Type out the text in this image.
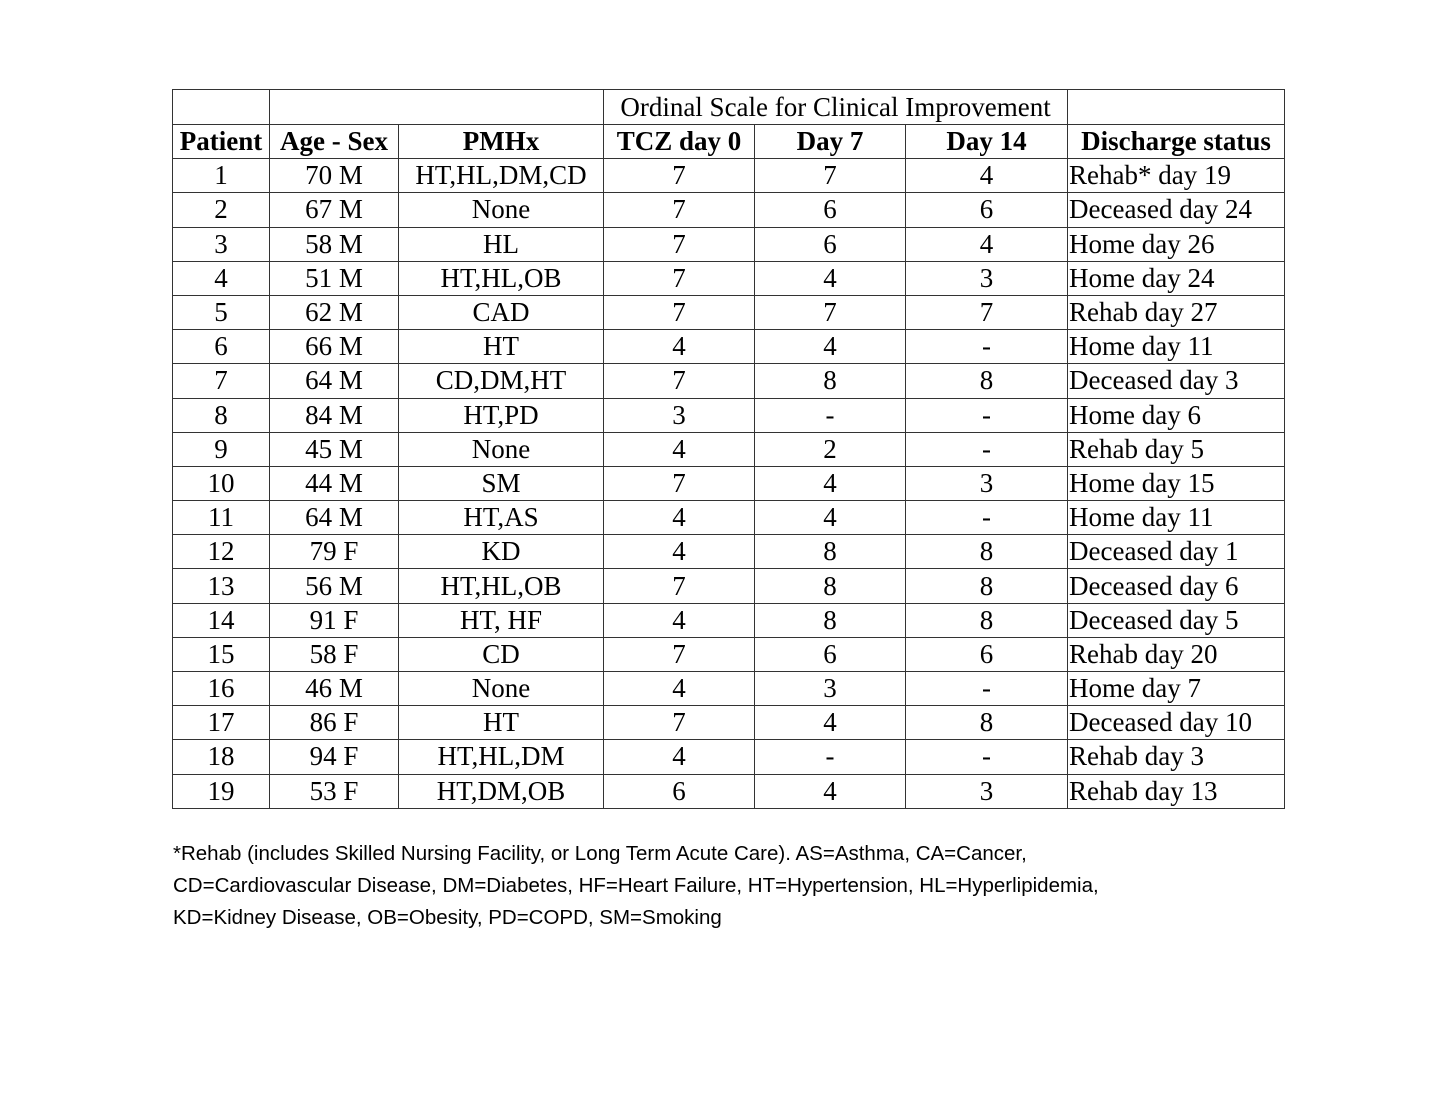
			Ordinal Scale for Clinical Improvement			
Patient	Age - Sex	PMHx	TCZ day 0	Day 7	Day 14	Discharge status
1	70 M	HT,HL,DM,CD	7	7	4	Rehab* day 19
2	67 M	None	7	6	6	Deceased day 24
3	58 M	HL	7	6	4	Home day 26
4	51 M	HT,HL,OB	7	4	3	Home day 24
5	62 M	CAD	7	7	7	Rehab day 27
6	66 M	HT	4	4	-	Home day 11
7	64 M	CD,DM,HT	7	8	8	Deceased day 3
8	84 M	HT,PD	3	-	-	Home day 6
9	45 M	None	4	2	-	Rehab day 5
10	44 M	SM	7	4	3	Home day 15
11	64 M	HT,AS	4	4	-	Home day 11
12	79 F	KD	4	8	8	Deceased day 1
13	56 M	HT,HL,OB	7	8	8	Deceased day 6
14	91 F	HT, HF	4	8	8	Deceased day 5
15	58 F	CD	7	6	6	Rehab day 20
16	46 M	None	4	3	-	Home day 7
17	86 F	HT	7	4	8	Deceased day 10
18	94 F	HT,HL,DM	4	-	-	Rehab day 3
19	53 F	HT,DM,OB	6	4	3	Rehab day 13
*Rehab (includes Skilled Nursing Facility, or Long Term Acute Care). AS=Asthma, CA=Cancer,
CD=Cardiovascular Disease, DM=Diabetes, HF=Heart Failure, HT=Hypertension, HL=Hyperlipidemia,
KD=Kidney Disease, OB=Obesity, PD=COPD, SM=Smoking
